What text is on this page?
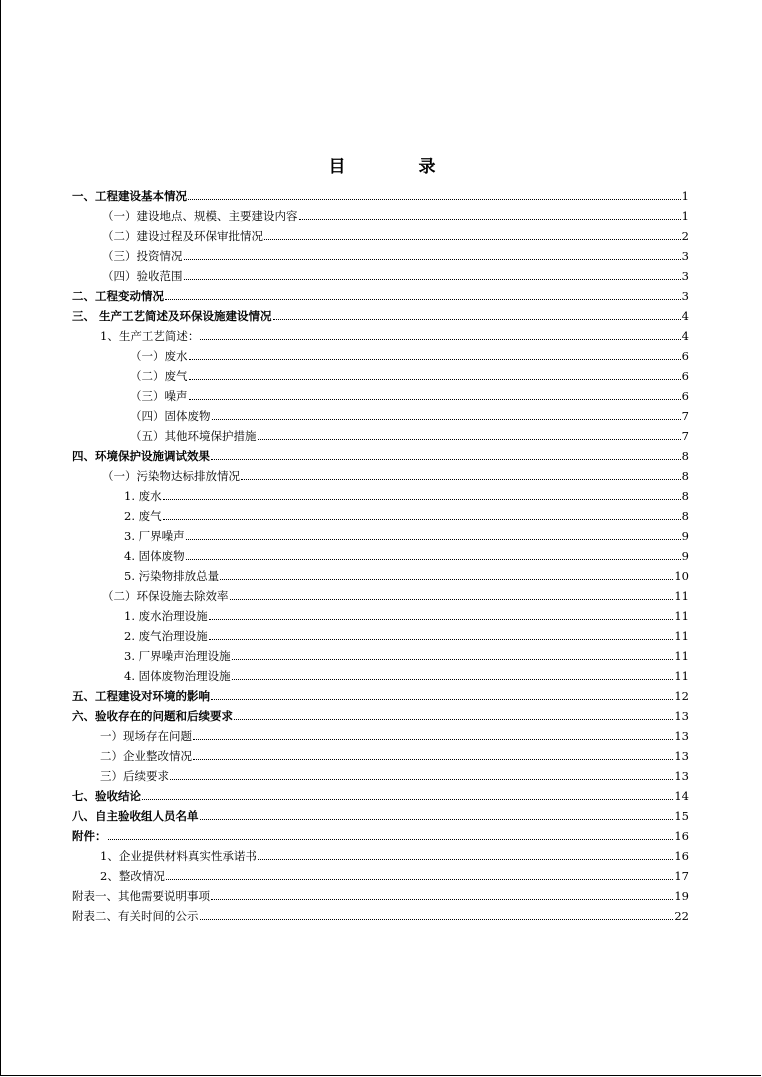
目　录
一、工程建设基本情况	1
（一）建设地点、规模、主要建设内容	1
（二）建设过程及环保审批情况	2
（三）投资情况	3
（四）验收范围	3
二、工程变动情况	3
三、 生产工艺简述及环保设施建设情况	4
1、生产工艺简述：	4
（一）废水	6
（二）废气	6
（三）噪声	6
（四）固体废物	7
（五）其他环境保护措施	7
四、环境保护设施调试效果	8
（一）污染物达标排放情况	8
1. 废水	8
2. 废气	8
3. 厂界噪声	9
4. 固体废物	9
5. 污染物排放总量	10
（二）环保设施去除效率	11
1. 废水治理设施	11
2. 废气治理设施	11
3. 厂界噪声治理设施	11
4. 固体废物治理设施	11
五、工程建设对环境的影响	12
六、验收存在的问题和后续要求	13
一）现场存在问题	13
二）企业整改情况	13
三）后续要求	13
七、验收结论	14
八、自主验收组人员名单	15
附件：	16
1、企业提供材料真实性承诺书	16
2、整改情况	17
附表一、其他需要说明事项	19
附表二、有关时间的公示	22
